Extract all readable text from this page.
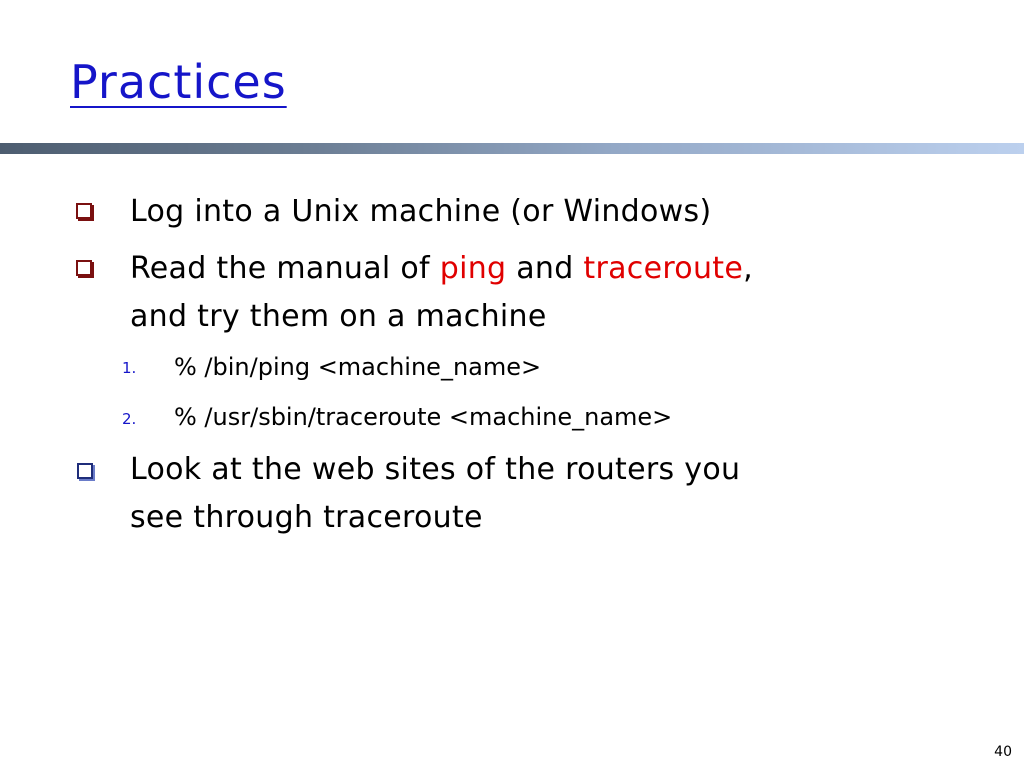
Practices
Log into a Unix machine (or Windows)
Read the manual of ping and traceroute,
and try them on a machine
1. % /bin/ping <machine_name>
2. % /usr/sbin/traceroute <machine_name>
Look at the web sites of the routers you
see through traceroute
40
